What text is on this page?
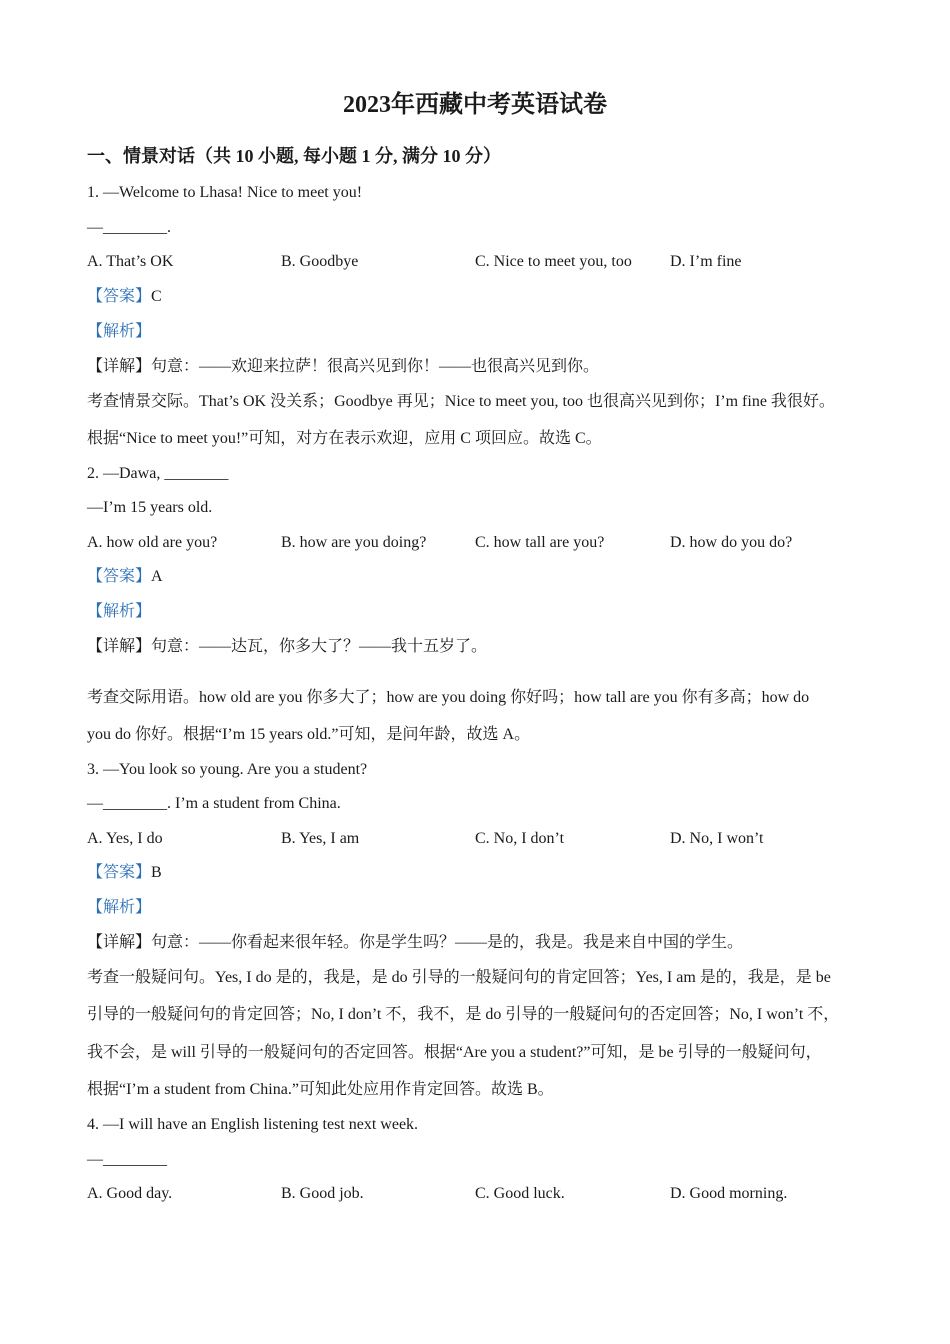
2023年西藏中考英语试卷
一、情景对话（共 10 小题, 每小题 1 分, 满分 10 分）
1. —Welcome to Lhasa! Nice to meet you!
—________.
A. That’s OK	B. Goodbye	C. Nice to meet you, too D. I’m fine
【答案】C
【解析】
【详解】句意：——欢迎来拉萨！很高兴见到你！——也很高兴见到你。
考查情景交际。That’s OK 没关系；Goodbye 再见；Nice to meet you, too 也很高兴见到你；I’m fine 我很好。
根据“Nice to meet you!”可知，对方在表示欢迎，应用 C 项回应。故选 C。
2. —Dawa, ________
—I’m 15 years old.
A. how old are you?	B. how are you doing?	C. how tall are you?	D. how do you do?
【答案】A
【解析】
【详解】句意：——达瓦，你多大了？——我十五岁了。
考查交际用语。how old are you 你多大了；how are you doing 你好吗；how tall are you 你有多高；how do
you do 你好。根据“I’m 15 years old.”可知，是问年龄，故选 A。
3. —You look so young. Are you a student?
—________. I’m a student from China.
A. Yes, I do	B. Yes, I am	C. No, I don’t	D. No, I won’t
【答案】B
【解析】
【详解】句意：——你看起来很年轻。你是学生吗？——是的，我是。我是来自中国的学生。
考查一般疑问句。Yes, I do 是的，我是，是 do 引导的一般疑问句的肯定回答；Yes, I am 是的，我是，是 be
引导的一般疑问句的肯定回答；No, I don’t 不，我不，是 do 引导的一般疑问句的否定回答；No, I won’t 不，
我不会，是 will 引导的一般疑问句的否定回答。根据“Are you a student?”可知，是 be 引导的一般疑问句，
根据“I’m a student from China.”可知此处应用作肯定回答。故选 B。
4. —I will have an English listening test next week.
—________
A. Good day.	B. Good job.	C. Good luck.	D. Good morning.
